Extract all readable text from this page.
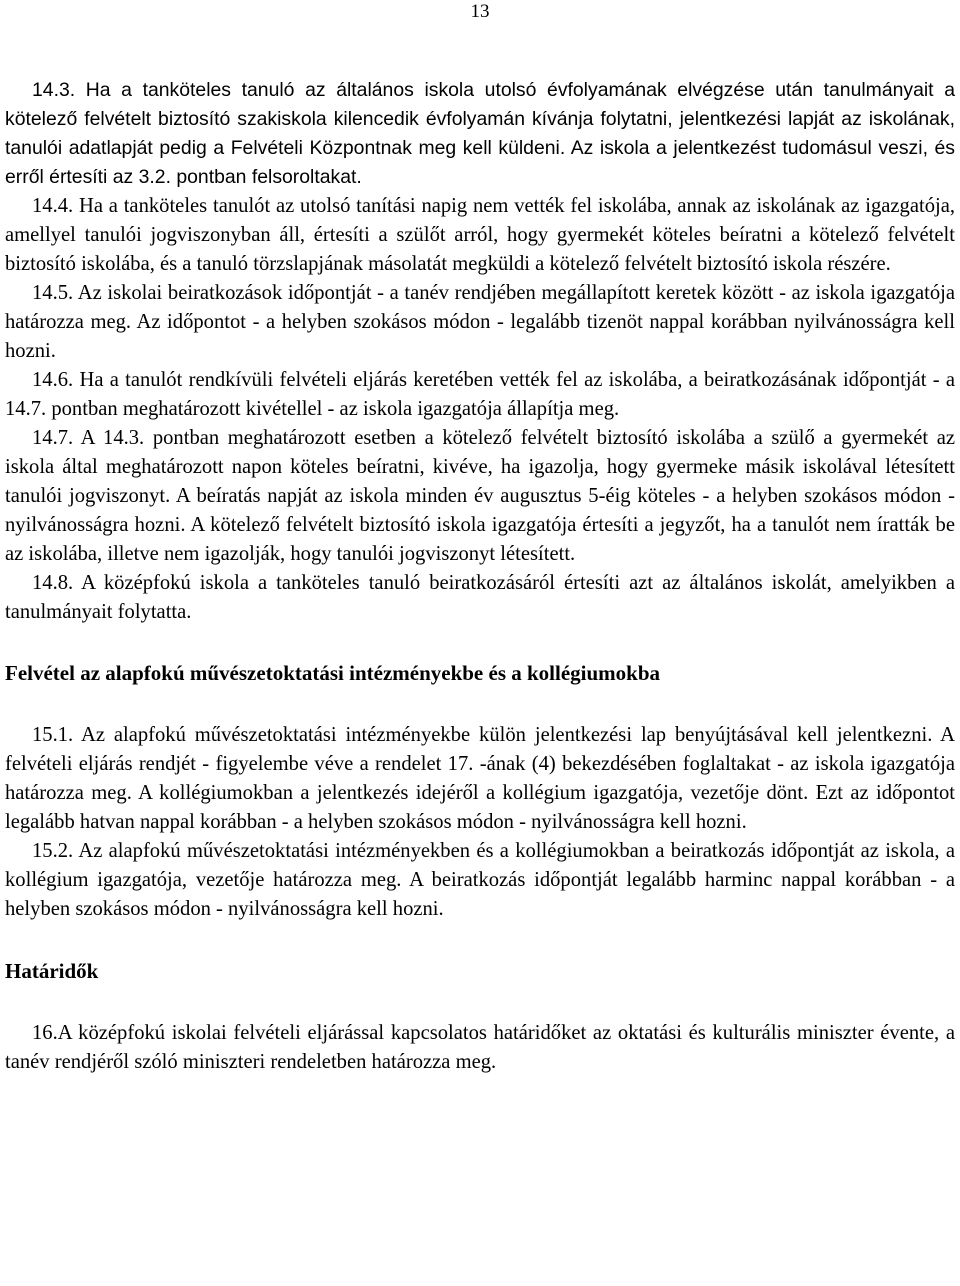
13

14.3. Ha a tanköteles tanuló az általános iskola utolsó évfolyamának elvégzése után tanulmányait a kötelező felvételt biztosító szakiskola kilencedik évfolyamán kívánja folytatni, jelentkezési lapját az iskolának, tanulói adatlapját pedig a Felvételi Központnak meg kell küldeni. Az iskola a jelentkezést tudomásul veszi, és erről értesíti az 3.2. pontban felsoroltakat.

14.4. Ha a tanköteles tanulót az utolsó tanítási napig nem vették fel iskolába, annak az iskolának az igazgatója, amellyel tanulói jogviszonyban áll, értesíti a szülőt arról, hogy gyermekét köteles beíratni a kötelező felvételt biztosító iskolába, és a tanuló törzslapjának másolatát megküldi a kötelező felvételt biztosító iskola részére.

14.5. Az iskolai beiratkozások időpontját - a tanév rendjében megállapított keretek között - az iskola igazgatója határozza meg. Az időpontot - a helyben szokásos módon - legalább tizenöt nappal korábban nyilvánosságra kell hozni.

14.6. Ha a tanulót rendkívüli felvételi eljárás keretében vették fel az iskolába, a beiratkozásának időpontját - a 14.7. pontban meghatározott kivétellel - az iskola igazgatója állapítja meg.

14.7. A 14.3. pontban meghatározott esetben a kötelező felvételt biztosító iskolába a szülő a gyermekét az iskola által meghatározott napon köteles beíratni, kivéve, ha igazolja, hogy gyermeke másik iskolával létesített tanulói jogviszonyt. A beíratás napját az iskola minden év augusztus 5-éig köteles - a helyben szokásos módon - nyilvánosságra hozni. A kötelező felvételt biztosító iskola igazgatója értesíti a jegyzőt, ha a tanulót nem íratták be az iskolába, illetve nem igazolják, hogy tanulói jogviszonyt létesített.

14.8. A középfokú iskola a tanköteles tanuló beiratkozásáról értesíti azt az általános iskolát, amelyikben a tanulmányait folytatta.

Felvétel az alapfokú művészetoktatási intézményekbe és a kollégiumokba

15.1. Az alapfokú művészetoktatási intézményekbe külön jelentkezési lap benyújtásával kell jelentkezni. A felvételi eljárás rendjét - figyelembe véve a rendelet 17. -ának (4) bekezdésében foglaltakat - az iskola igazgatója határozza meg. A kollégiumokban a jelentkezés idejéről a kollégium igazgatója, vezetője dönt. Ezt az időpontot legalább hatvan nappal korábban - a helyben szokásos módon - nyilvánosságra kell hozni.

15.2. Az alapfokú művészetoktatási intézményekben és a kollégiumokban a beiratkozás időpontját az iskola, a kollégium igazgatója, vezetője határozza meg. A beiratkozás időpontját legalább harminc nappal korábban - a helyben szokásos módon - nyilvánosságra kell hozni.

Határidők

16.A középfokú iskolai felvételi eljárással kapcsolatos határidőket az oktatási és kulturális miniszter évente, a tanév rendjéről szóló miniszteri rendeletben határozza meg.
